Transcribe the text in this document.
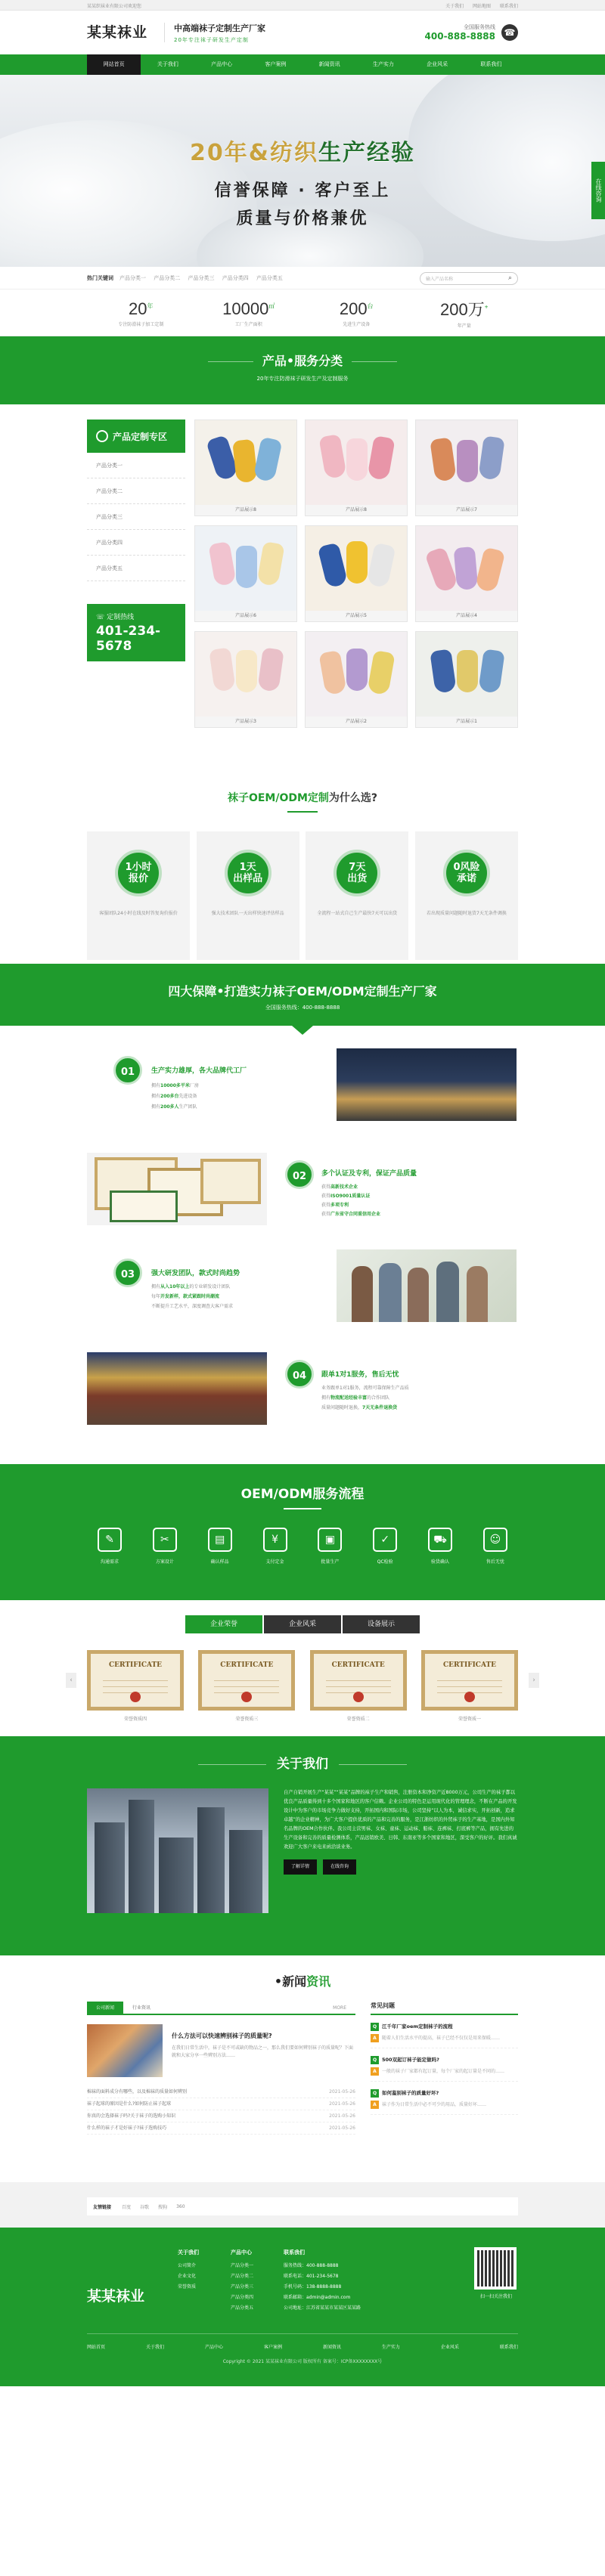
某某织袜业有限公司欢迎您	关于我们 网站地图 联系我们
某某袜业	中高端袜子定制生产厂家
20年专注袜子研发生产定制
全国服务热线
400-888-8888 ☎
网站首页	关于我们	产品中心	客户案例	新闻资讯	生产实力	企业风采	联系我们
20年&纺织生产经验
信誉保障 · 客户至上
质量与价格兼优
在线咨询
热门关键词 产品分类一 产品分类二 产品分类三 产品分类四 产品分类五	输入产品名称	⌕
$20^年$
专注防滑袜子加工定制
10000㎡
工厂生产面积
$200^台$
先进生产设备
200万+
年产量
产品•服务分类
20年专注防滑袜子研发生产及定制服务
产品定制专区
产品分类一
产品分类二
产品分类三
产品分类四
产品分类五
☏ 定制热线
401-234-5678
产品展示8	产品展示8	产品展示7
产品展示6	产品展示5	产品展示4
产品展示3	产品展示2	产品展示1
袜子OEM/ODM定制为什么选?
1小时
报价
客服团队24小时在线及时答复询价报价
1天
出样品
强大技术团队一天出样快速评估样品
7天
出货
全流程一站式自己生产最快7天可以出货
0风险
承诺
若出现质量问题随时退货7天无条件调换
四大保障•打造实力袜子OEM/ODM定制生产厂家
全国服务热线：400-888-8888
01	生产实力雄厚，各大品牌代工厂
拥有10000多平米厂房
拥有200多台先进设备
拥有200多人生产团队
02	多个认证及专利，保证产品质量
获得高新技术企业
获得ISO9001质量认证
获得多项专利
获得广东省守合同重信用企业
03	强大研发团队，款式时尚趋势
拥有从入10年以上的专业研发设计团队
每年开发新样，款式紧跟时尚潮流
不断提升工艺水平，深度调查大客户需求
04	跟单1对1服务，售后无忧
业务跟单1对1服务，流程可靠保障生产品质
拥有物流配送经验丰富的合作团队
质量问题随时退换，7天无条件退换货
OEM/ODM服务流程
✎
沟通需求
✂
方案设计
▤
确认样品
¥
支付定金
▣
批量生产
✓
QC检验
⛟
验货确认
☺
售后无忧
企业荣誉	企业风采	设备展示
‹
CERTIFICATE
荣誉资质四
CERTIFICATE
荣誉资质三
CERTIFICATE
荣誉资质二
CERTIFICATE
荣誉资质一
›
关于我们
自产自销开展生产“某某”“某某”品牌的袜子生产和销售，注册资本和净资产近8000万元，公司生产的袜子都以优良产品质量得到十多个国家和地区的客户信赖。企业公司的特色是运用现代化的管理理念，不断在产品的开发设计中为客户的市场竞争力做好支持，开拓国内和国际市场，公司坚持“以人为本，诚信求实，开拓创新，追求卓越”的企业精神，为广大客户提供优质的产品和完善的服务，是江浙纺织的外贸袜子的生产基地，是国内外知名品牌的OEM合作伙伴。我公司主营男袜、女袜、童袜、运动袜、船袜、连裤袜、打底裤等产品，拥有先进的生产设备和完善的质量检测体系，产品远销欧美、日韩、东南亚等多个国家和地区，深受客户的好评。我们真诚欢迎广大客户来电来函洽谈业务。
了解详情	在线咨询
•新闻资讯
公司新闻	行业资讯	MORE
什么方法可以快速辨别袜子的质量呢?
在我们日常生活中，袜子是不可或缺的物品之一，那么我们要如何辨别袜子的质量呢？下面就和大家分享一些辨别方法……
棉袜的面料成分有哪些，以及棉袜的质量如何辨别	2021-05-26
袜子起球的原因是什么?如何防止袜子起球	2021-05-26
你真的会选择袜子吗?关于袜子的选购小知识	2021-05-26
什么样的袜子才是好袜子?袜子选购技巧	2021-05-26
常见问题
Q 江千年厂家oem定制袜子的流程
A 随着人们生活水平的提高，袜子已经不仅仅是用来保暖……
Q 500双起订袜子能定做吗?
A 一般的袜子厂家都有起订量，每个厂家的起订量是不同的……
Q 如何鉴别袜子的质量好坏?
A 袜子作为日常生活中必不可少的用品，质量好坏……
友情链接 百度 谷歌 搜狗 360
某某袜业
关于我们
公司简介
企业文化
荣誉资质
产品中心
产品分类一
产品分类二
产品分类三
产品分类四
产品分类五
联系我们
服务热线：400-888-8888
联系电话：401-234-5678
手机号码：138-8888-8888
联系邮箱：admin@admin.com
公司地址：江苏省某某市某某区某某路
扫一扫关注我们
网站首页	关于我们	产品中心	客户案例	新闻资讯	生产实力	企业风采	联系我们
Copyright © 2021 某某袜业有限公司 版权所有 备案号：ICP备XXXXXXXX号
